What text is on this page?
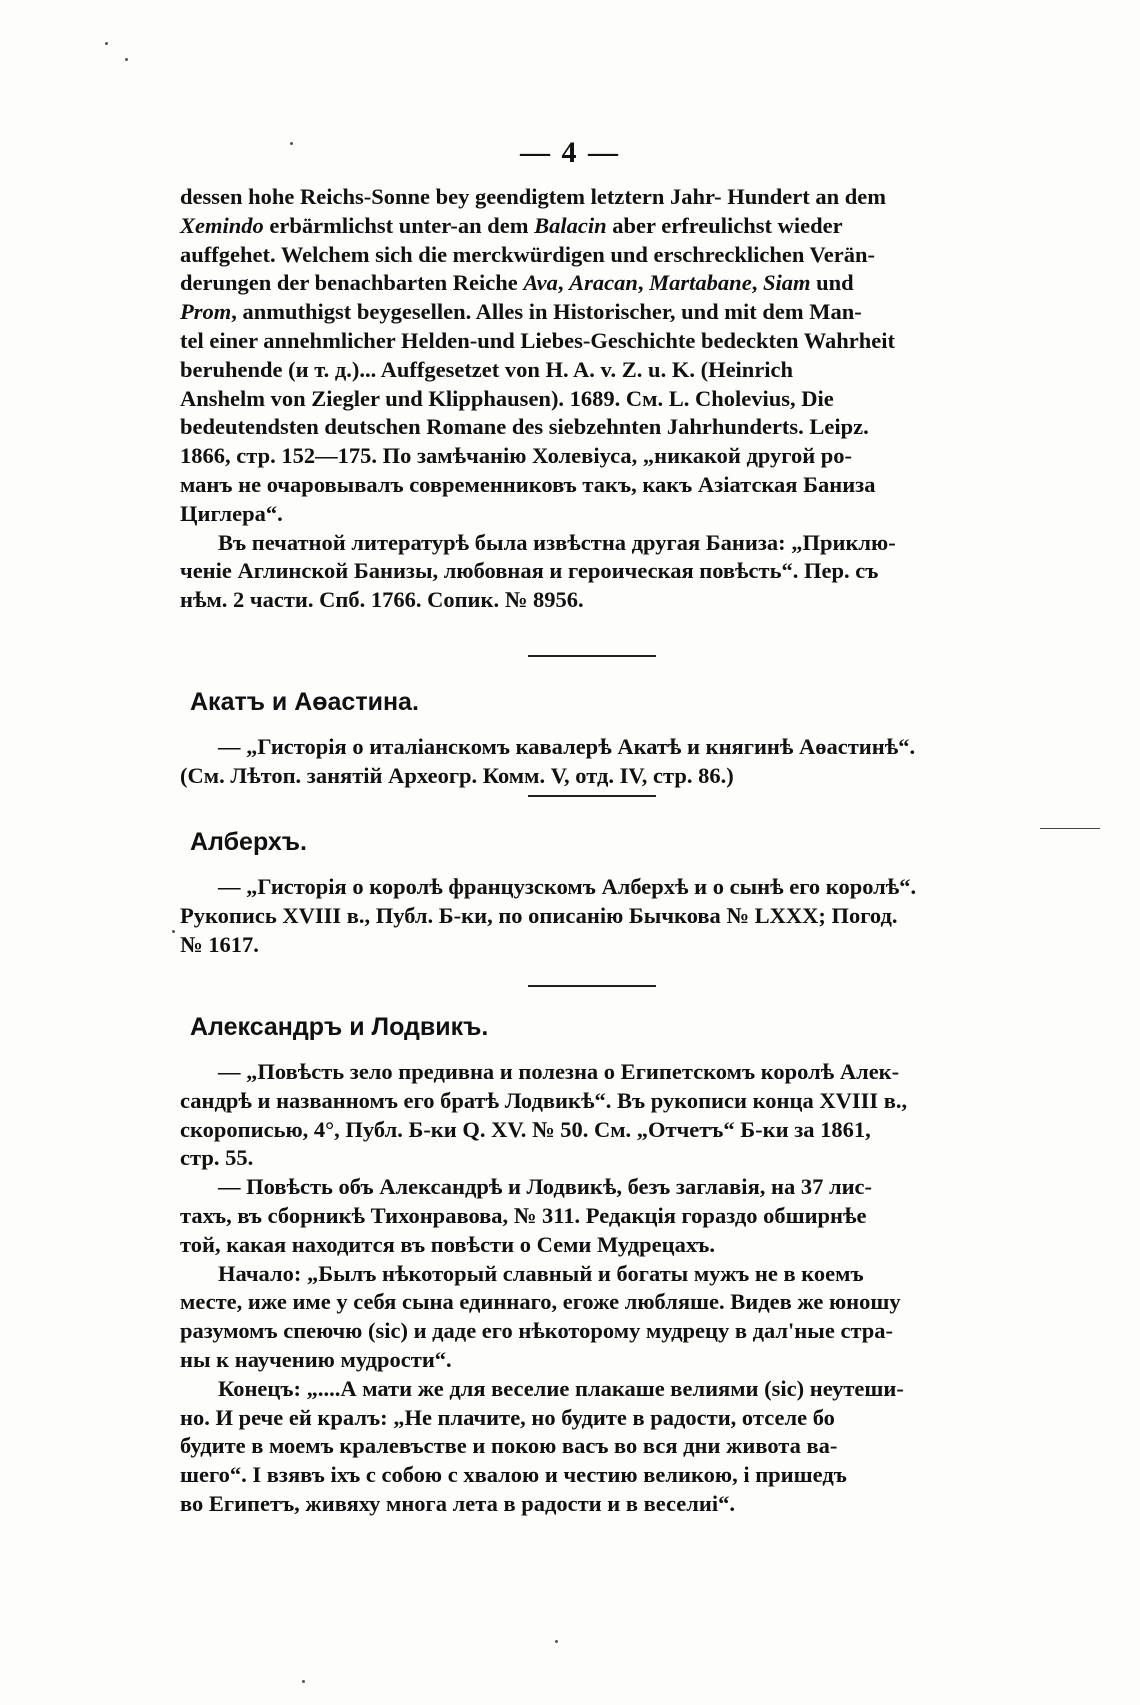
— 4 —

dessen hohe Reichs-Sonne bey geendigtem letztern Jahr- Hundert an dem

Xemindo erbärmlichst unter-an dem Balacin aber erfreulichst wieder

auffgehet. Welchem sich die merckwürdigen und erschrecklichen Verän-

derungen der benachbarten Reiche Ava, Aracan, Martabane, Siam und

Prom, anmuthigst beygesellen. Alles in Historischer, und mit dem Man-

tel einer annehmlicher Helden-und Liebes-Geschichte bedeckten Wahrheit

beruhende (и т. д.)... Auffgesetzet von H. A. v. Z. u. K. (Heinrich

Anshelm von Ziegler und Klipphausen). 1689. См. L. Cholevius, Die

bedeutendsten deutschen Romane des siebzehnten Jahrhunderts. Leipz.

1866, стр. 152—175. По замѣчанію Холевіуса, „никакой другой ро-

манъ не очаровывалъ современниковъ такъ, какъ Азіатская Баниза

Циглера“.

Въ печатной литературѣ была извѣстна другая Баниза: „Приклю-

ченіе Аглинской Банизы, любовная и героическая повѣсть“. Пер. съ

нѣм. 2 части. Спб. 1766. Сопик. № 8956.

Акатъ и Аөастина.

— „Гисторія о италіанскомъ кавалерѣ Акатѣ и княгинѣ Аөастинѣ“.

(См. Лѣтоп. занятій Археогр. Комм. V, отд. IV, стр. 86.)

Алберхъ.

— „Гисторія о королѣ французскомъ Алберхѣ и о сынѣ его королѣ“.

Рукопись XVIII в., Публ. Б-ки, по описанію Бычкова № LXXX; Погод.

№ 1617.

Александръ и Лодвикъ.

— „Повѣсть зело предивна и полезна о Египетскомъ королѣ Алек-

сандрѣ и названномъ его братѣ Лодвикѣ“. Въ рукописи конца XVIII в.,

скорописью, 4°, Публ. Б-ки Q. XV. № 50. См. „Отчетъ“ Б-ки за 1861,

стр. 55.

— Повѣсть объ Александрѣ и Лодвикѣ, безъ заглавія, на 37 лис-

тахъ, въ сборникѣ Тихонравова, № 311. Редакція гораздо обширнѣе

той, какая находится въ повѣсти о Семи Мудрецахъ.

Начало: „Былъ нѣкоторый славный и богаты мужъ не в коемъ

месте, иже име у себя сына единнаго, егоже любляше. Видев же юношу

разумомъ спеючю (sic) и даде его нѣкоторому мудрецу в дал'ные стра-

ны к научению мудрости“.

Конецъ: „....А мати же для веселие плакаше велиями (sic) неутеши-

но. И рече ей кралъ: „Не плачите, но будите в радости, отселе бо

будите в моемъ кралевъстве и покою васъ во вся дни живота ва-

шего“. І взявъ іхъ с собою с хвалою и честию великою, і пришедъ

во Египетъ, живяху многа лета в радости и в веселиі“.
